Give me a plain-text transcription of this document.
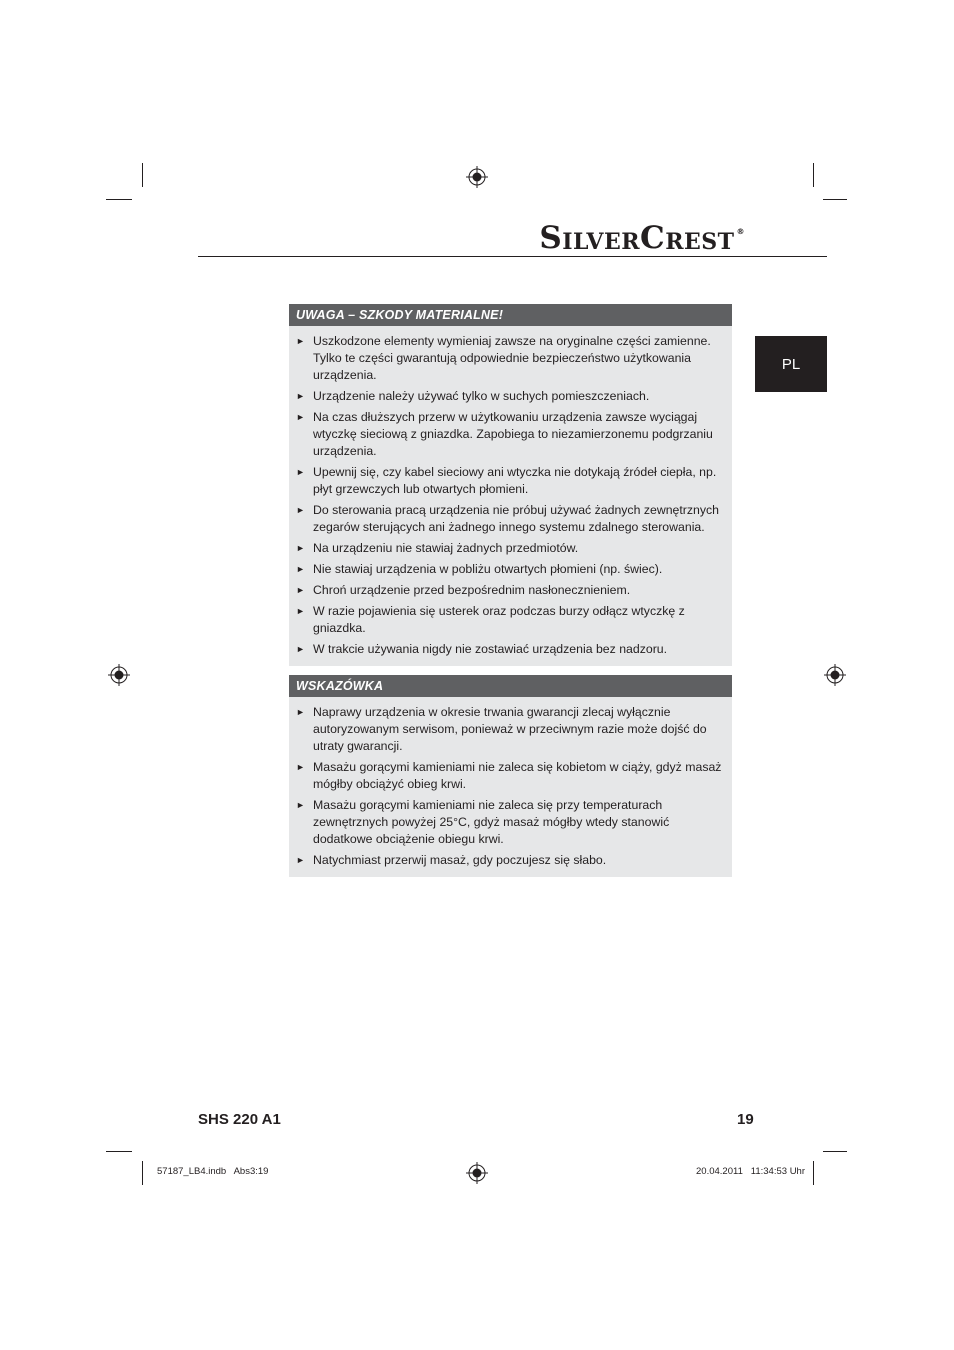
S ILVER C REST ®
PL
UWAGA – SZKODY MATERIALNE!
► Uszkodzone elementy wymieniaj zawsze na oryginalne części zamienne. Tylko te części gwarantują odpowiednie bezpieczeństwo użytkowania urządzenia.
► Urządzenie należy używać tylko w suchych pomieszczeniach.
► Na czas dłuższych przerw w użytkowaniu urządzenia zawsze wyciągaj wtyczkę sieciową z gniazdka. Zapobiega to niezamierzonemu podgrzaniu urządzenia.
► Upewnij się, czy kabel sieciowy ani wtyczka nie dotykają źródeł ciepła, np. płyt grzewczych lub otwartych płomieni.
► Do sterowania pracą urządzenia nie próbuj używać żadnych zewnętrznych zegarów sterujących ani żadnego innego systemu zdalnego sterowania.
► Na urządzeniu nie stawiaj żadnych przedmiotów.
► Nie stawiaj urządzenia w pobliżu otwartych płomieni (np. świec).
► Chroń urządzenie przed bezpośrednim nasłonecznieniem.
► W razie pojawienia się usterek oraz podczas burzy odłącz wtyczkę z gniazdka.
► W trakcie używania nigdy nie zostawiać urządzenia bez nadzoru.
WSKAZÓWKA
► Naprawy urządzenia w okresie trwania gwarancji zlecaj wyłącznie autoryzowanym serwisom, ponieważ w przeciwnym razie może dojść do utraty gwarancji.
► Masażu gorącymi kamieniami nie zaleca się kobietom w ciąży, gdyż masaż mógłby obciążyć obieg krwi.
► Masażu gorącymi kamieniami nie zaleca się przy temperaturach zewnętrznych powyżej 25°C, gdyż masaż mógłby wtedy stanowić dodatkowe obciążenie obiegu krwi.
► Natychmiast przerwij masaż, gdy poczujesz się słabo.
SHS 220 A1	19
57187_LB4.indb   Abs3:19	20.04.2011   11:34:53 Uhr
